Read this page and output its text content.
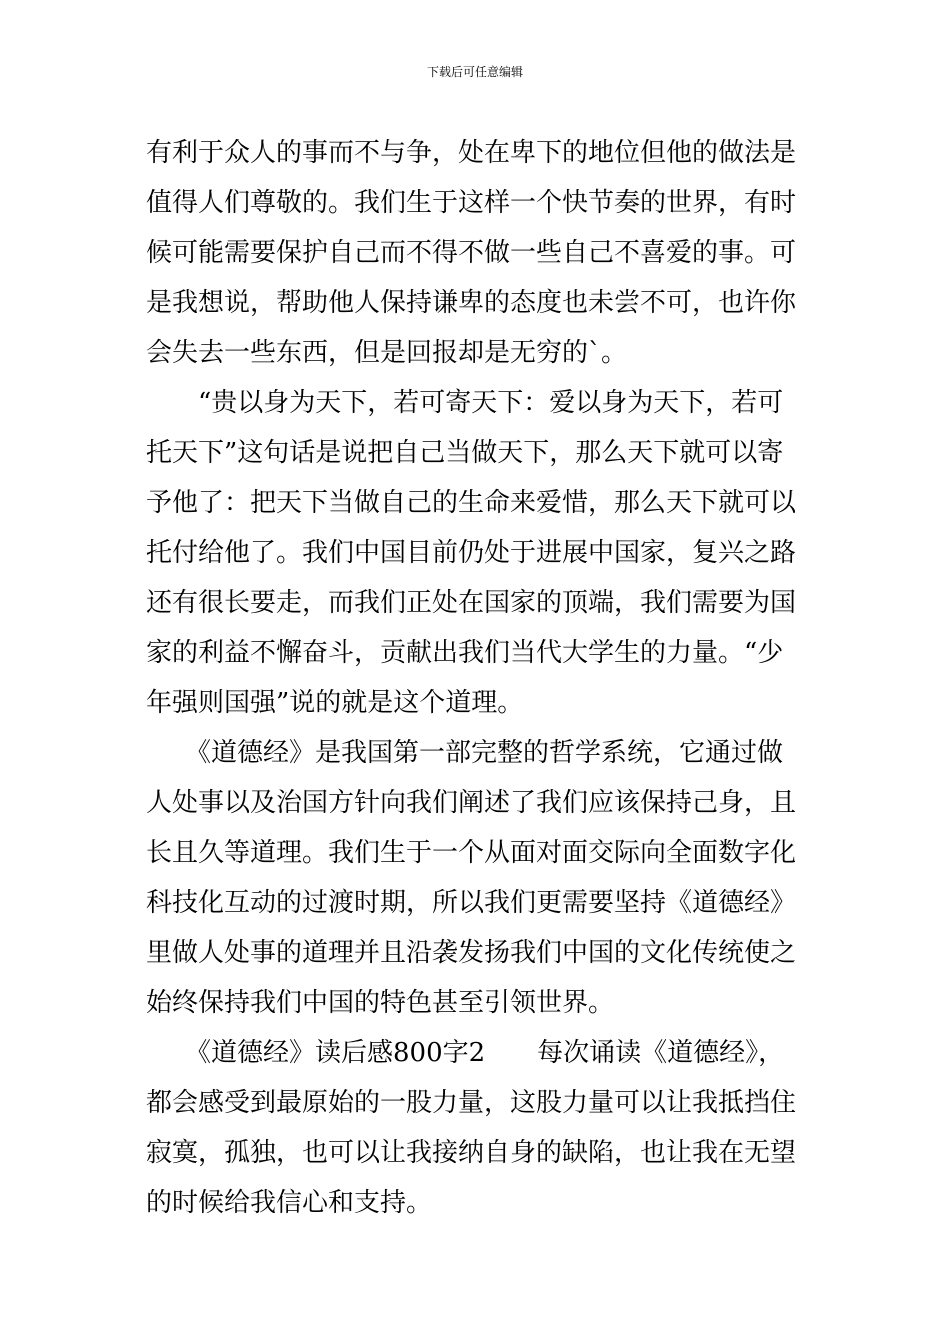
下载后可任意编辑
有利于众人的事而不与争，处在卑下的地位但他的做法是
值得人们尊敬的。我们生于这样一个快节奏的世界，有时
候可能需要保护自己而不得不做一些自己不喜爱的事。可
是我想说，帮助他人保持谦卑的态度也未尝不可，也许你
会失去一些东西，但是回报却是无穷的`。
　　“贵以身为天下，若可寄天下：爱以身为天下，若可
托天下”这句话是说把自己当做天下，那么天下就可以寄
予他了：把天下当做自己的生命来爱惜，那么天下就可以
托付给他了。我们中国目前仍处于进展中国家，复兴之路
还有很长要走，而我们正处在国家的顶端，我们需要为国
家的利益不懈奋斗，贡献出我们当代大学生的力量。“少
年强则国强”说的就是这个道理。
　　《道德经》是我国第一部完整的哲学系统，它通过做
人处事以及治国方针向我们阐述了我们应该保持己身，且
长且久等道理。我们生于一个从面对面交际向全面数字化
科技化互动的过渡时期，所以我们更需要坚持《道德经》
里做人处事的道理并且沿袭发扬我们中国的文化传统使之
始终保持我们中国的特色甚至引领世界。
　　《道德经》读后感800字2　　每次诵读《道德经》，
都会感受到最原始的一股力量，这股力量可以让我抵挡住
寂寞，孤独，也可以让我接纳自身的缺陷，也让我在无望
的时候给我信心和支持。
